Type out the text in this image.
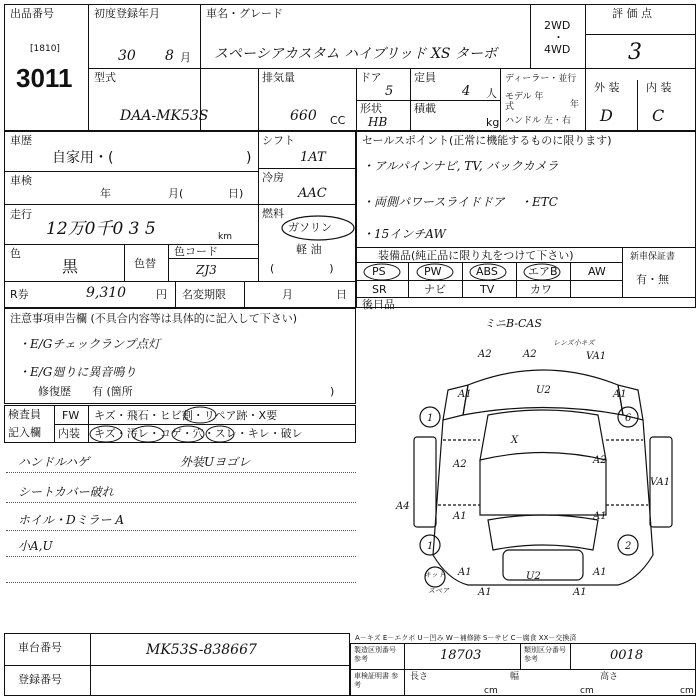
出品番号
[1810]
3011
初度登録年月
30 8 月
車名・グレード
スペーシアカスタム ハイブリッド XS ターボ
2WD
・
4WD
評 価 点
3
型式
DAA-MK53S
排気量
660 CC
ドア
5
定員
4 人
形状
HB
積載
kg
ディーラー・並行
モデル 年式	年
ハンドル 左・右
外 装 内 装
D C
車歴
自家用・(	)
車検
年	月(	日)
走行
12万0千0 3 5	km
色
黒	色替
色コード
ZJ3
シフト
1AT
冷房
AAC
燃料
ガソリン
軽 油
(　　　　　)
R券	9,310	円 名変期限	月	日
セールスポイント(正常に機能するものに限ります)
・アルパインナビ, TV, バックカメラ
・両側パワースライドドア ・ETC
・15インチAW
装備品(純正品に限り丸をつけて下さい)	新車保証書
PS	PW	ABS	エアB	AW
SR	ナビ	TV	カワ
有・無
後日品
ミニB-CAS
注意事項申告欄 (不具合内容等は具体的に記入して下さい)
・E/Gチェックランプ点灯
・E/G廻りに異音鳴り
修復歴 有 (箇所	)
検査員
記入欄
FW キズ・飛石・ヒビ割・リペア跡・X要
内装 キズ・汚レ・コゲ・穴・スレ・キレ・破レ
ハンドルハゲ	外装Uヨゴレ
シートカバー破れ
ホイル・Dミラー A
小A,U
A2	A2
レンズ小キズ
VA1
A1	U2	A1
X
A2	A2
VA1
A4
A1	A1
U2
A1	A1
A1	A1
キット
スペア
1	6
1	2
A－キズ E－エクボ U－凹み W－補修跡 S－サビ C－腐食 XX－交換済
車台番号	MK53S-838667
登録番号
製造区別番号 参考	18703	類別区分番号 参考	0018
車検証明書 参考
長さ
cm
幅
cm
高さ
cm
